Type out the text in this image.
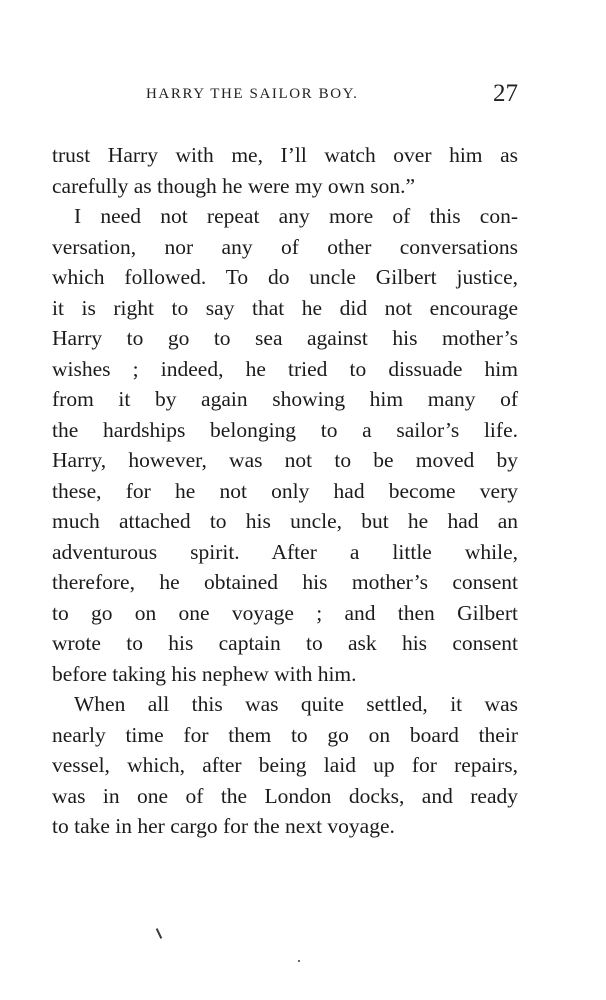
HARRY THE SAILOR BOY.	27
trust Harry with me, I’ll watch over him as
carefully as though he were my own son.”
I need not repeat any more of this con-
versation, nor any of other conversations
which followed. To do uncle Gilbert justice,
it is right to say that he did not encourage
Harry to go to sea against his mother’s
wishes ; indeed, he tried to dissuade him
from it by again showing him many of
the hardships belonging to a sailor’s life.
Harry, however, was not to be moved by
these, for he not only had become very
much attached to his uncle, but he had an
adventurous spirit. After a little while,
therefore, he obtained his mother’s consent
to go on one voyage ; and then Gilbert
wrote to his captain to ask his consent
before taking his nephew with him.
When all this was quite settled, it was
nearly time for them to go on board their
vessel, which, after being laid up for repairs,
was in one of the London docks, and ready
to take in her cargo for the next voyage.
